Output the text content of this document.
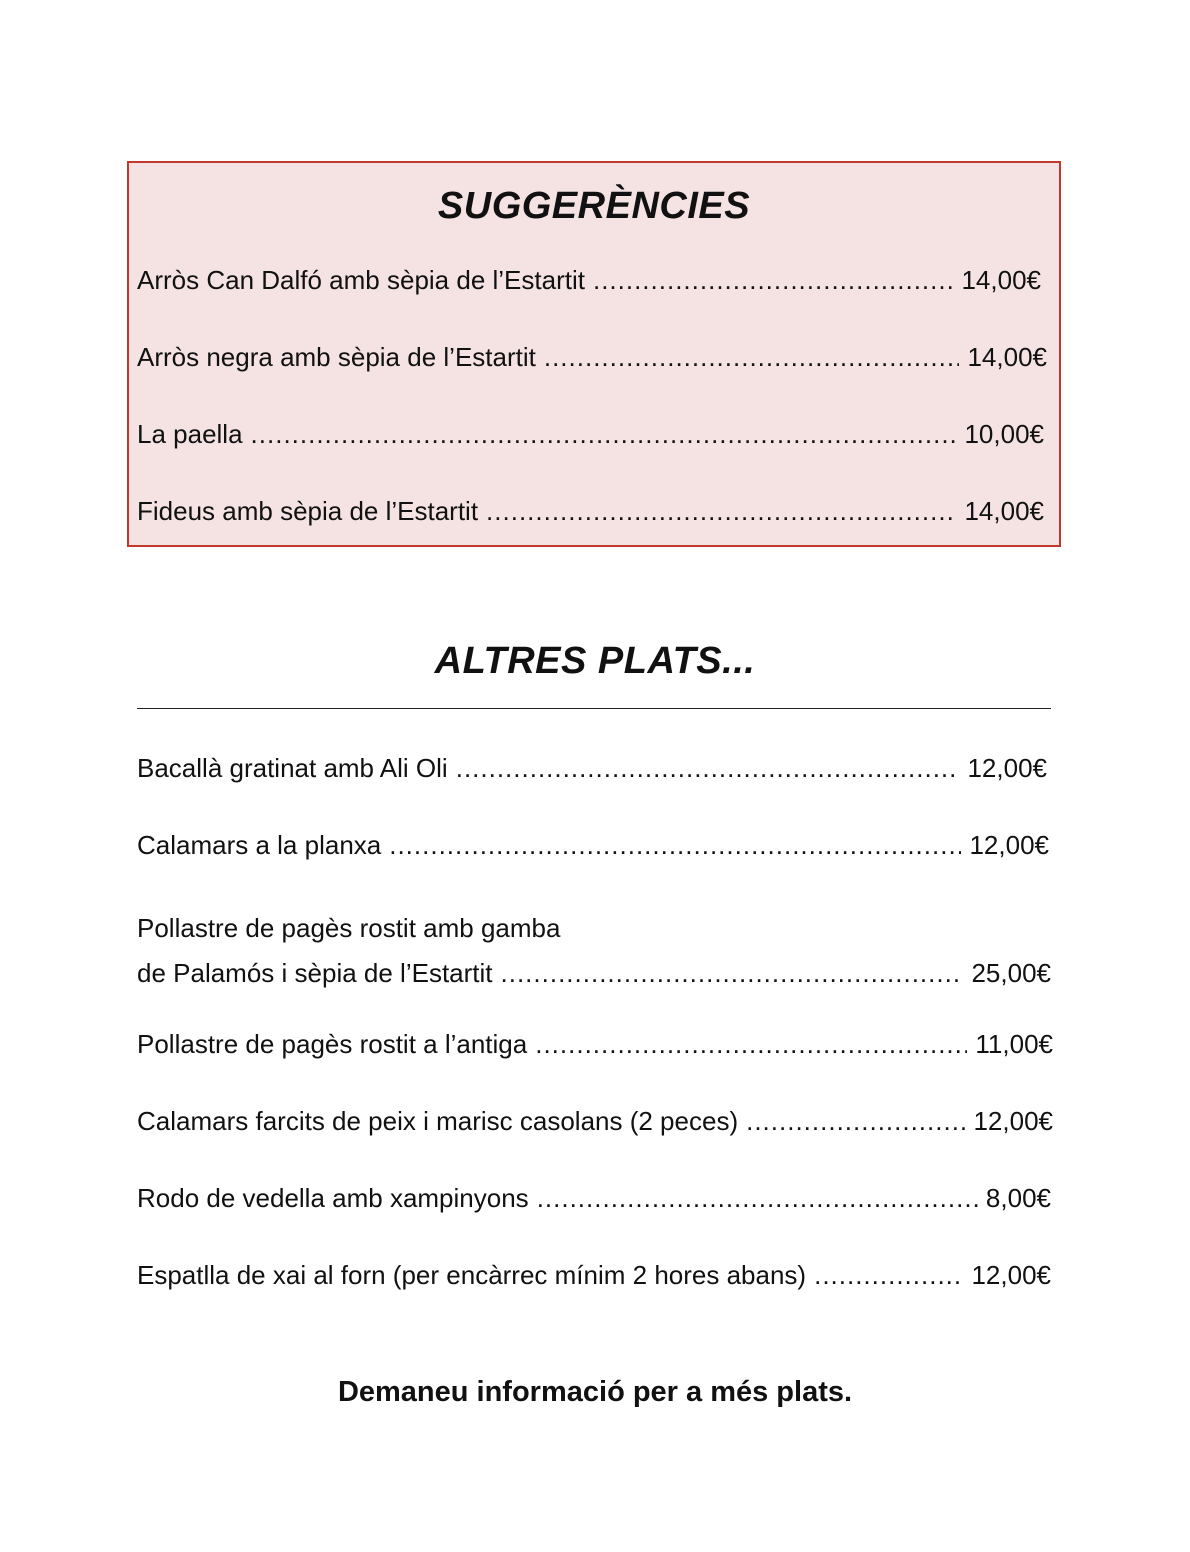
SUGGERÈNCIES
Arròs Can Dalfó amb sèpia de l’Estartit .....	14,00€
Arròs negra amb sèpia de l’Estartit .....	14,00€
La paella .....	10,00€
Fideus amb sèpia de l’Estartit .....	14,00€
ALTRES PLATS...
Bacallà gratinat amb Ali Oli .....	12,00€
Calamars a la planxa .....	12,00€
Pollastre de pagès rostit amb gamba
de Palamós i sèpia de l’Estartit .....	25,00€
Pollastre de pagès rostit a l’antiga .....	11,00€
Calamars farcits de peix i marisc casolans (2 peces) .....	12,00€
Rodo de vedella amb xampinyons .....	8,00€
Espatlla de xai al forn (per encàrrec mínim 2 hores abans) .....	12,00€
Demaneu informació per a més plats.
